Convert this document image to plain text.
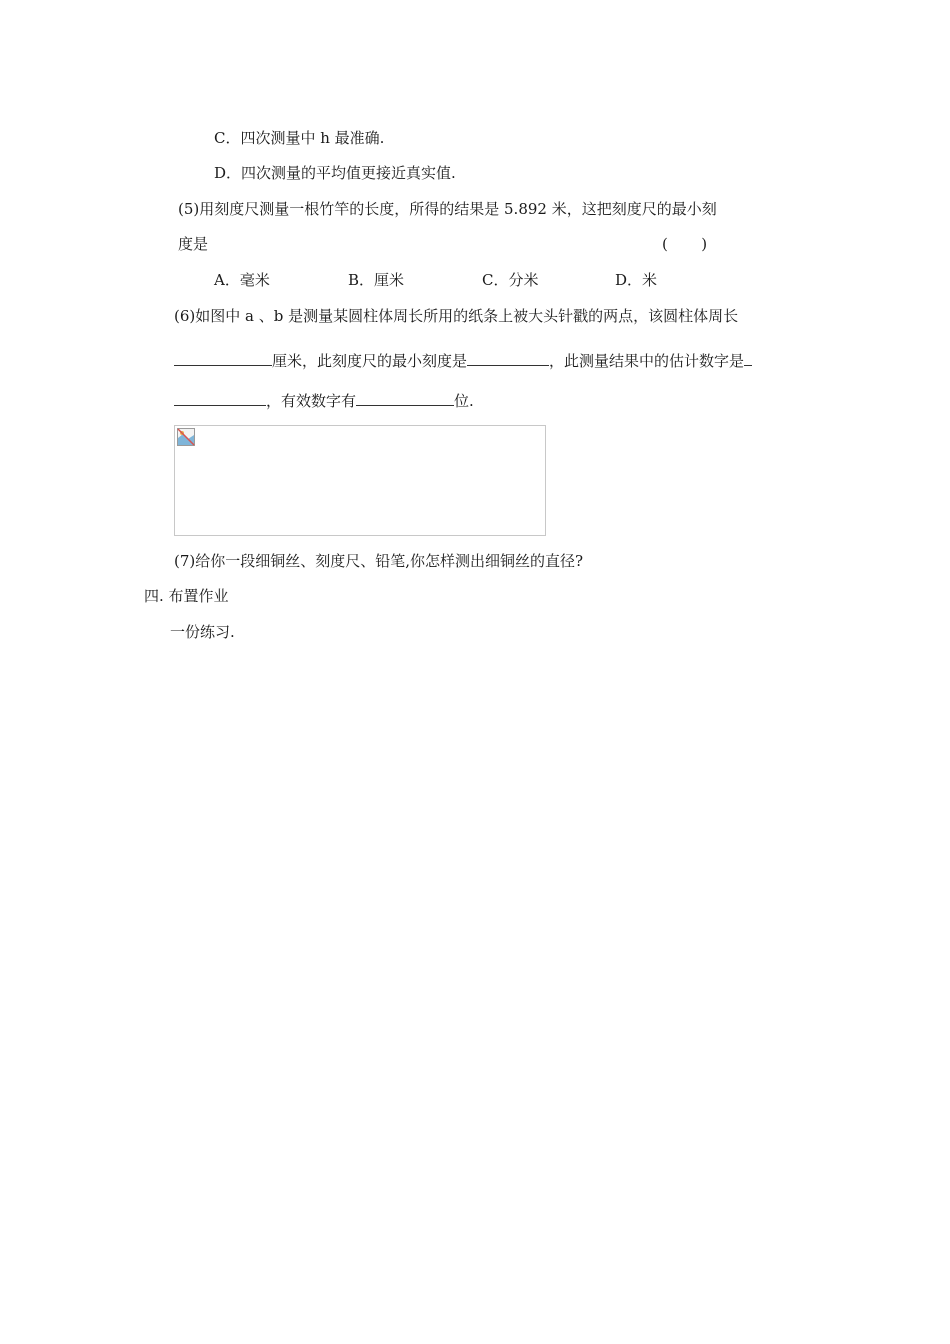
C．四次测量中 h 最准确.
D．四次测量的平均值更接近真实值.
(5)用刻度尺测量一根竹竿的长度，所得的结果是 5.892 米，这把刻度尺的最小刻
度是	(       )
A．毫米	B．厘米	C．分米	D．米
(6)如图中 a 、b 是测量某圆柱体周长所用的纸条上被大头针戳的两点，该圆柱体周长
厘米，此刻度尺的最小刻度是	，此测量结果中的估计数字是
，有效数字有	位.
(7)给你一段细铜丝、刻度尺、铅笔,你怎样测出细铜丝的直径?
四. 布置作业
一份练习.
